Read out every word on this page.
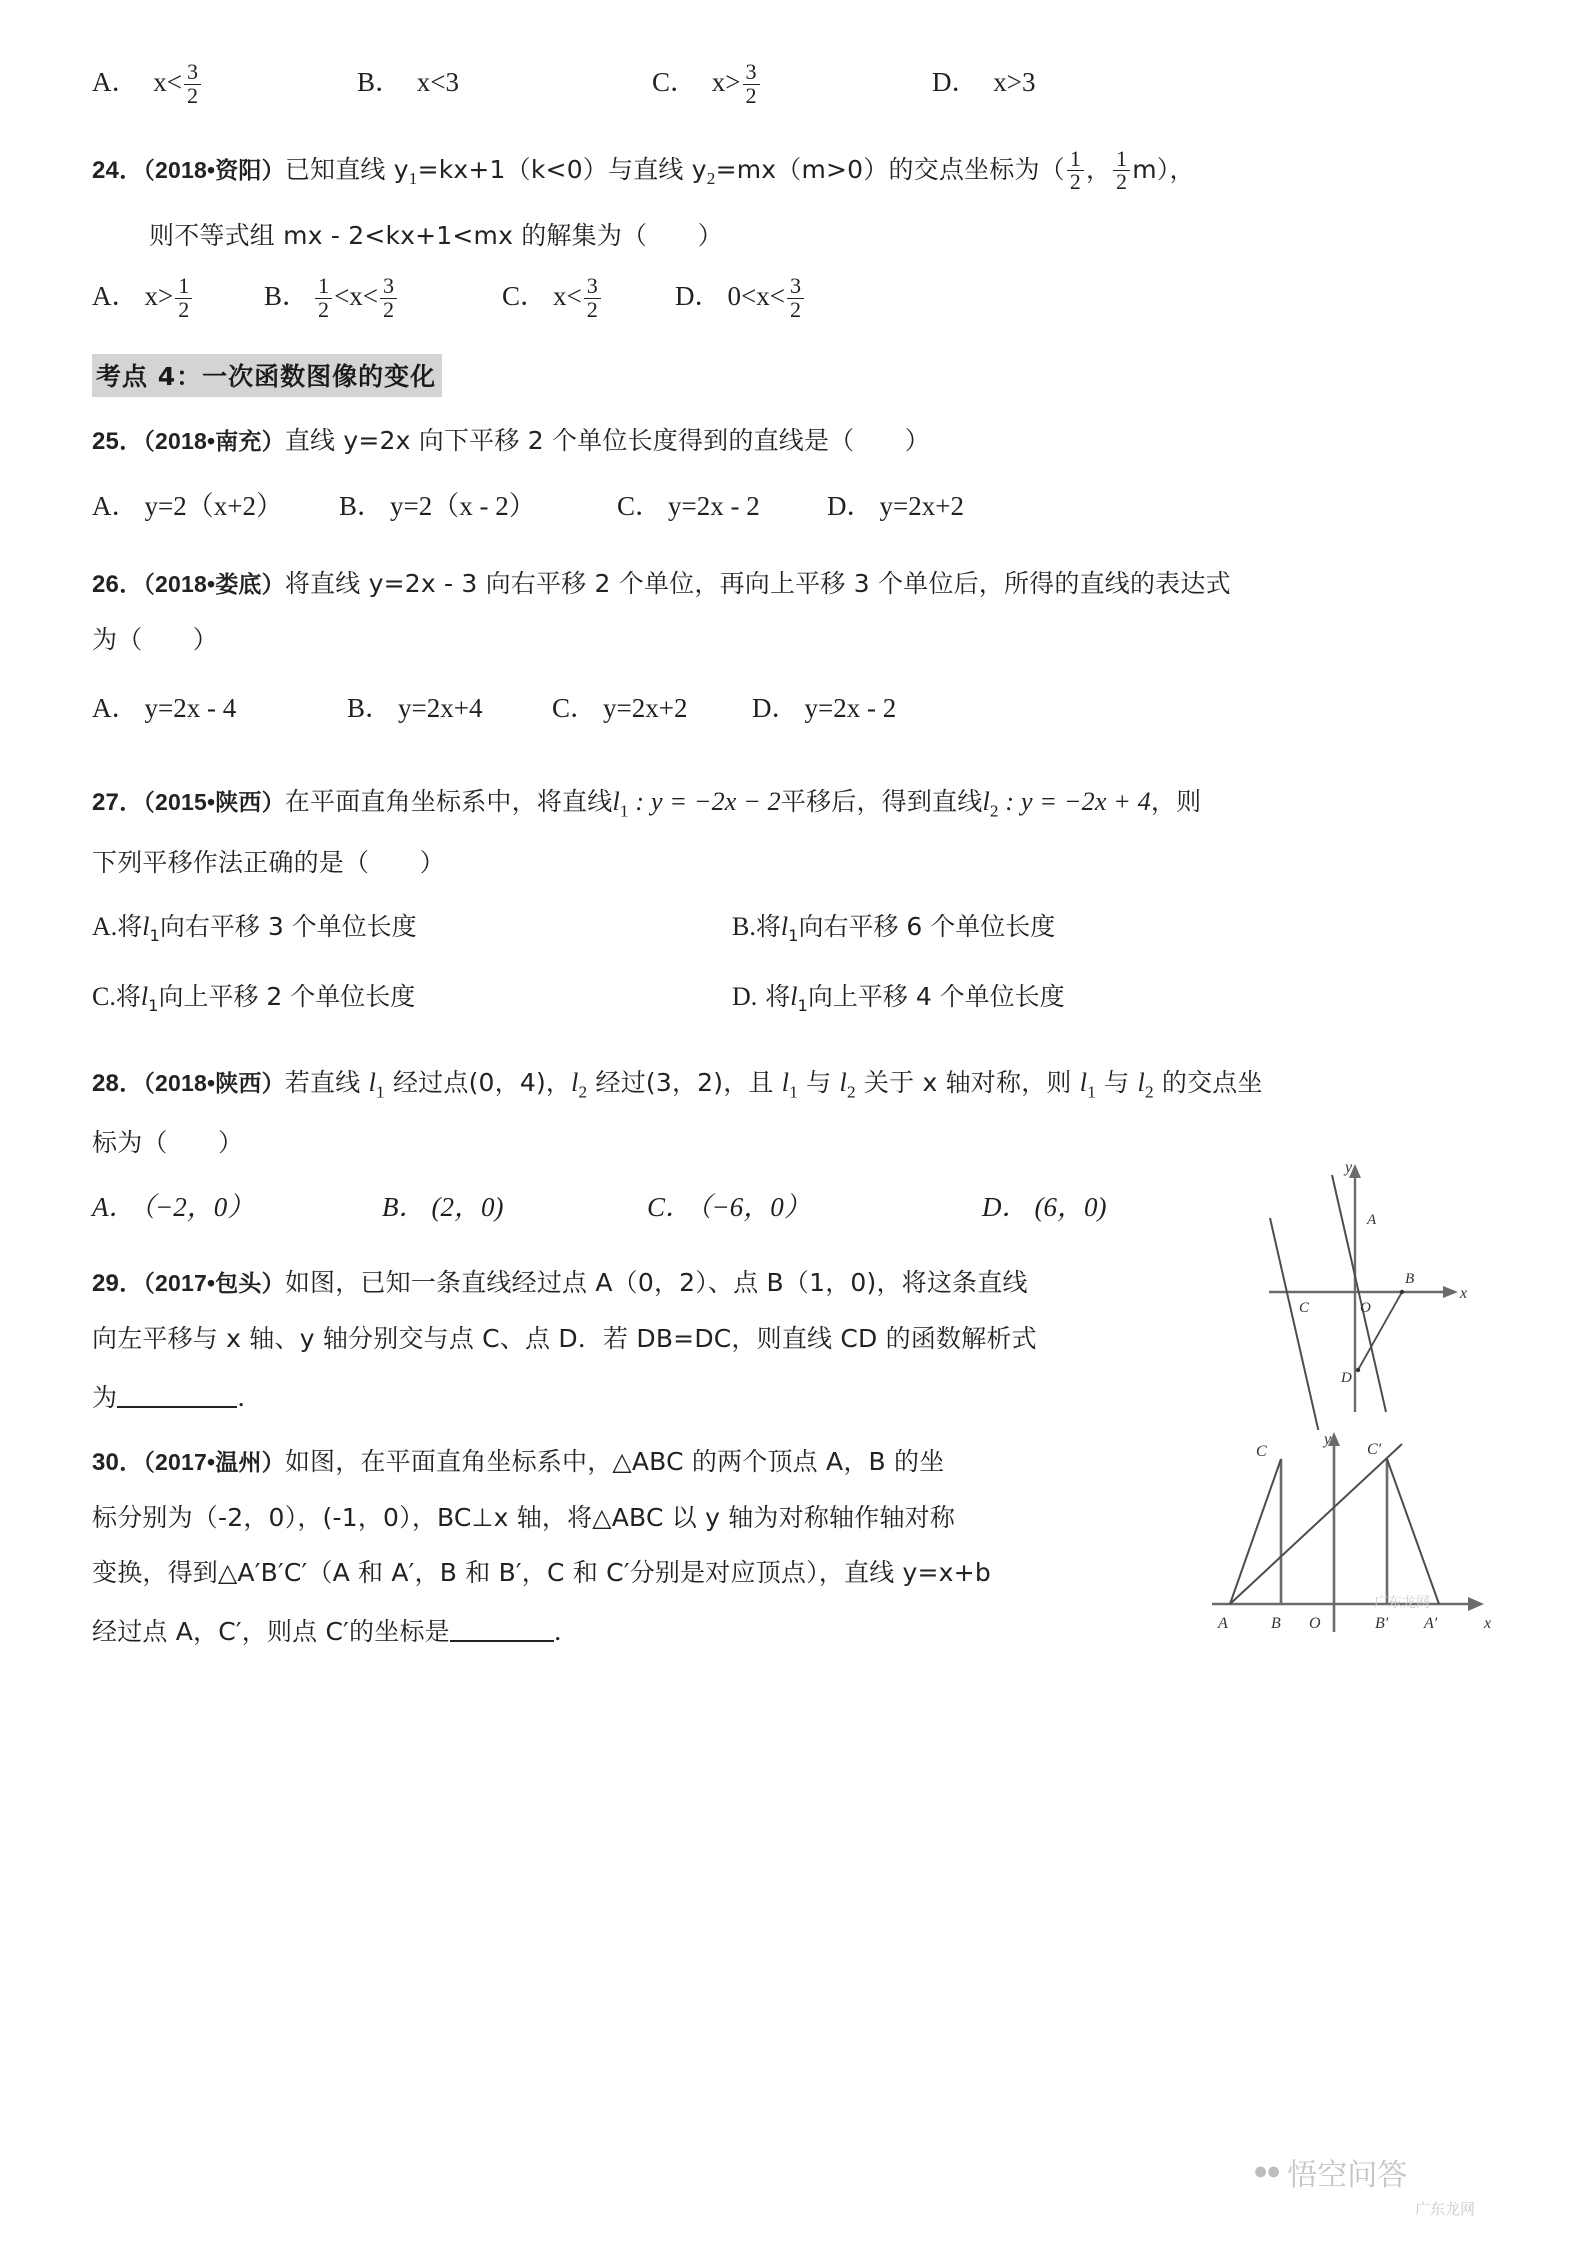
A． $x< \frac{3}{2}$	B． x<3	C． $x> \frac{3}{2}$	D． x>3
24．（2018•资阳）已知直线 $y_1=kx+1(k<0)$与直线 $y_2=mx(m>0)$的交点坐标为（ $\frac{1}{2}$ ， $\frac{1}{2} m$），
则不等式组 mx - 2<kx+1<mx 的解集为（　　）
A． $x> \frac{1}{2}$	B． $\frac{1}{2} <x< \frac{3}{2}$	C． $x< \frac{3}{2}$	D． $0<x< \frac{3}{2}$
考点 4：一次函数图像的变化
25．（2018•南充）直线 y=2x 向下平移 2 个单位长度得到的直线是（　　）
A． y=2（x+2） B． y=2（x - 2）	C． y=2x - 2 D． y=2x+2
26．（2018•娄底）将直线 y=2x - 3 向右平移 2 个单位，再向上平移 3 个单位后，所得的直线的表达式
为（　　）
A． y=2x - 4	B． y=2x+4	C． y=2x+2 D． y=2x - 2
27．（2015•陕西）在平面直角坐标系中，将直线$l_1$ : y = −2x − 2平移后，得到直线$l_2$ : y = −2x + 4，则
下列平移作法正确的是（　　）
A.将$l_1$向右平移 3 个单位长度	B.将$l_1$向右平移 6 个单位长度
C.将$l_1$向上平移 2 个单位长度	D. 将$l_1$向上平移 4 个单位长度
28．（2018•陕西）若直线 $l_1$ 经过点(0，4)，$l_2$ 经过(3，2)，且 $l_1$ 与 $l_2$ 关于 x 轴对称，则 $l_1$ 与 $l_2$ 的交点坐
标为（　　）
A． （−2，0）	B． (2，0)	C． （−6，0）	D． (6，0)
29．（2017•包头）如图，已知一条直线经过点 A（0，2）、点 B（1，0)，将这条直线
向左平移与 x 轴、y 轴分别交与点 C、点 D．若 DB=DC，则直线 CD 的函数解析式
为	．
30．（2017•温州）如图，在平面直角坐标系中，△ABC 的两个顶点 A，B 的坐
标分别为（-2，0），(-1，0），BC⊥x 轴，将△ABC 以 y 轴为对称轴作轴对称
变换，得到△A′B′C′（A 和 A′，B 和 B′，C 和 C′分别是对应顶点），直线 y=x+b
经过点 A，C′，则点 C′的坐标是	．
y
x
A
B
C
D
O
y
x
C	C′
A	B O	B′ A′
●● 悟空问答
广东龙网
广东龙网
